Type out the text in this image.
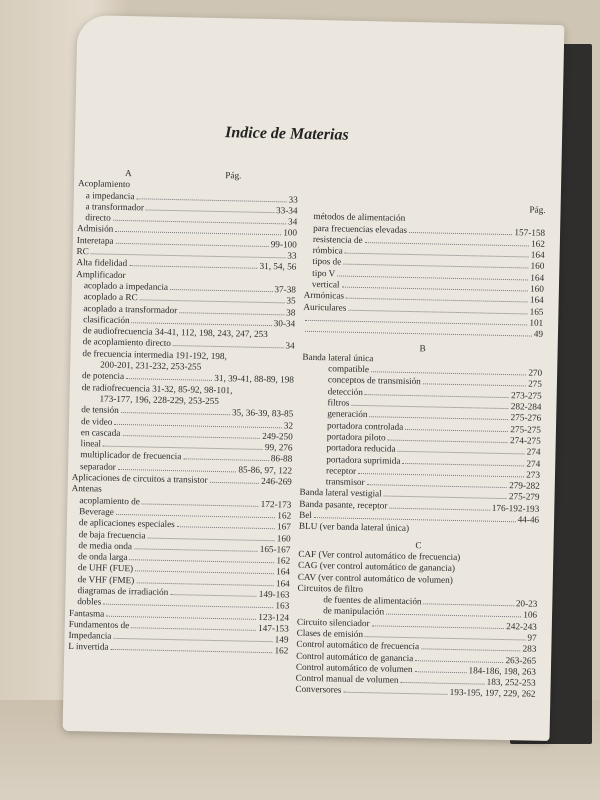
Indice de Materias
A	Pág.
Acoplamiento
a impedancia	33
a transformador	33-34
directo	34
Admisión	100
Interetapa	99-100
RC	33
Alta fidelidad	31, 54, 56
Amplificador
acoplado a impedancia	37-38
acoplado a RC	35
acoplado a transformador	38
clasificación	30-34
de audiofrecuencia 34-41, 112, 198, 243, 247, 253
de acoplamiento directo	34
de frecuencia intermedia 191-192, 198,
200-201, 231-232, 253-255
de potencia	31, 39-41, 88-89, 198
de radiofrecuencia 31-32, 85-92, 98-101,
173-177, 196, 228-229, 253-255
de tensión	35, 36-39, 83-85
de video	32
en cascada	249-250
lineal	99, 276
multiplicador de frecuencia	86-88
separador	85-86, 97, 122
Aplicaciones de circuitos a transistor	246-269
Antenas
acoplamiento de	172-173
Beverage	162
de aplicaciones especiales	167
de baja frecuencia	160
de media onda	165-167
de onda larga	162
de UHF (FUE)	164
de VHF (FME)	164
diagramas de irradiación	149-163
dobles	163
Fantasma	123-124
Fundamentos de	147-153
Impedancia	149
L invertida	162
Pág.
métodos de alimentación
para frecuencias elevadas	157-158
resistencia de	162
rómbica	164
tipos de	160
tipo V	164
vertical	160
Armónicas	164
Auriculares	165
101
49
B
Banda lateral única
compatible	270
conceptos de transmisión	275
detección	273-275
filtros	282-284
generación	275-276
portadora controlada	275-275
portadora piloto	274-275
portadora reducida	274
portadora suprimida	274
receptor	273
transmisor	279-282
Banda lateral vestigial	275-279
Banda pasante, receptor	176-192-193
Bel	44-46
BLU (ver banda lateral única)
C
CAF (Ver control automático de frecuencia)
CAG (ver control automático de ganancia)
CAV (ver control automático de volumen)
Circuitos de filtro
de fuentes de alimentación	20-23
de manipulación	106
Circuito silenciador	242-243
Clases de emisión	97
Control automático de frecuencia	283
Control automático de ganancia	263-265
Control automático de volumen	184-186, 198, 263
Control manual de volumen	183, 252-253
Conversores	193-195, 197, 229, 262
